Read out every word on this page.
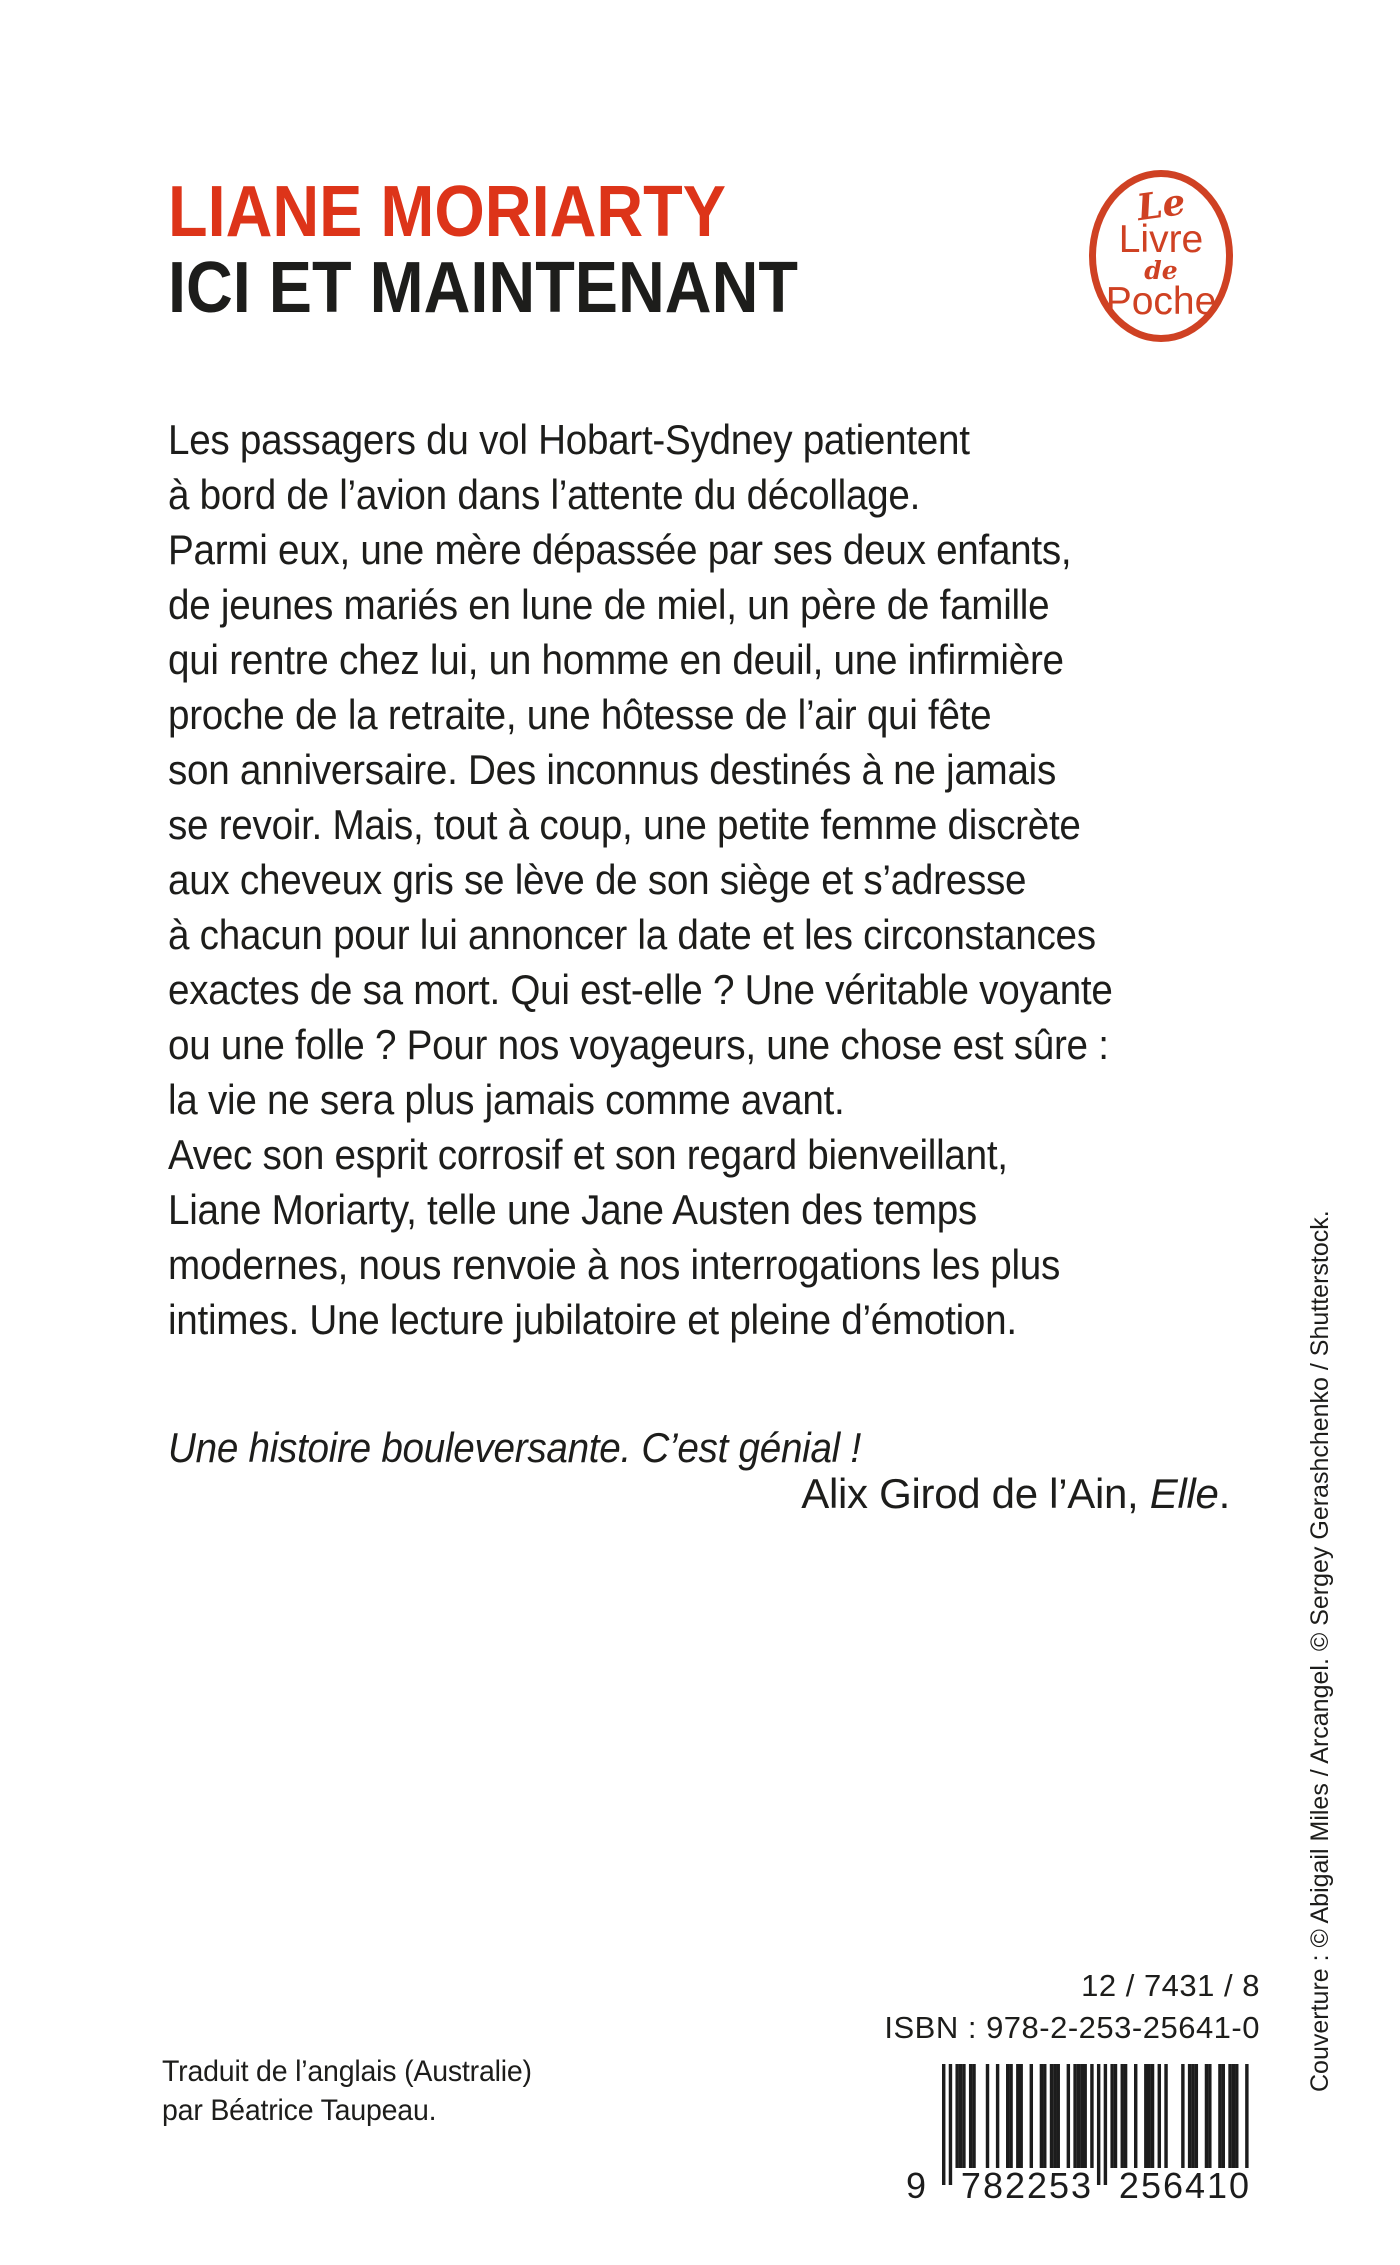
LIANE MORIARTY
ICI ET MAINTENANT
Le
Livre
de
Poche
Les passagers du vol Hobart-Sydney patientent
à bord de l’avion dans l’attente du décollage.
Parmi eux, une mère dépassée par ses deux enfants,
de jeunes mariés en lune de miel, un père de famille
qui rentre chez lui, un homme en deuil, une infirmière
proche de la retraite, une hôtesse de l’air qui fête
son anniversaire. Des inconnus destinés à ne jamais
se revoir. Mais, tout à coup, une petite femme discrète
aux cheveux gris se lève de son siège et s’adresse
à chacun pour lui annoncer la date et les circonstances
exactes de sa mort. Qui est-elle ? Une véritable voyante
ou une folle ? Pour nos voyageurs, une chose est sûre :
la vie ne sera plus jamais comme avant.
Avec son esprit corrosif et son regard bienveillant,
Liane Moriarty, telle une Jane Austen des temps
modernes, nous renvoie à nos interrogations les plus
intimes. Une lecture jubilatoire et pleine d’émotion.
Une histoire bouleversante. C’est génial !
Alix Girod de l’Ain, Elle.	Couverture : © Abigail Miles / Arcangel. © Sergey Gerashchenko / Shutterstock.
12 / 7431 / 8
ISBN : 978-2-253-25641-0
9 782253 256410
Traduit de l’anglais (Australie)
par Béatrice Taupeau.
